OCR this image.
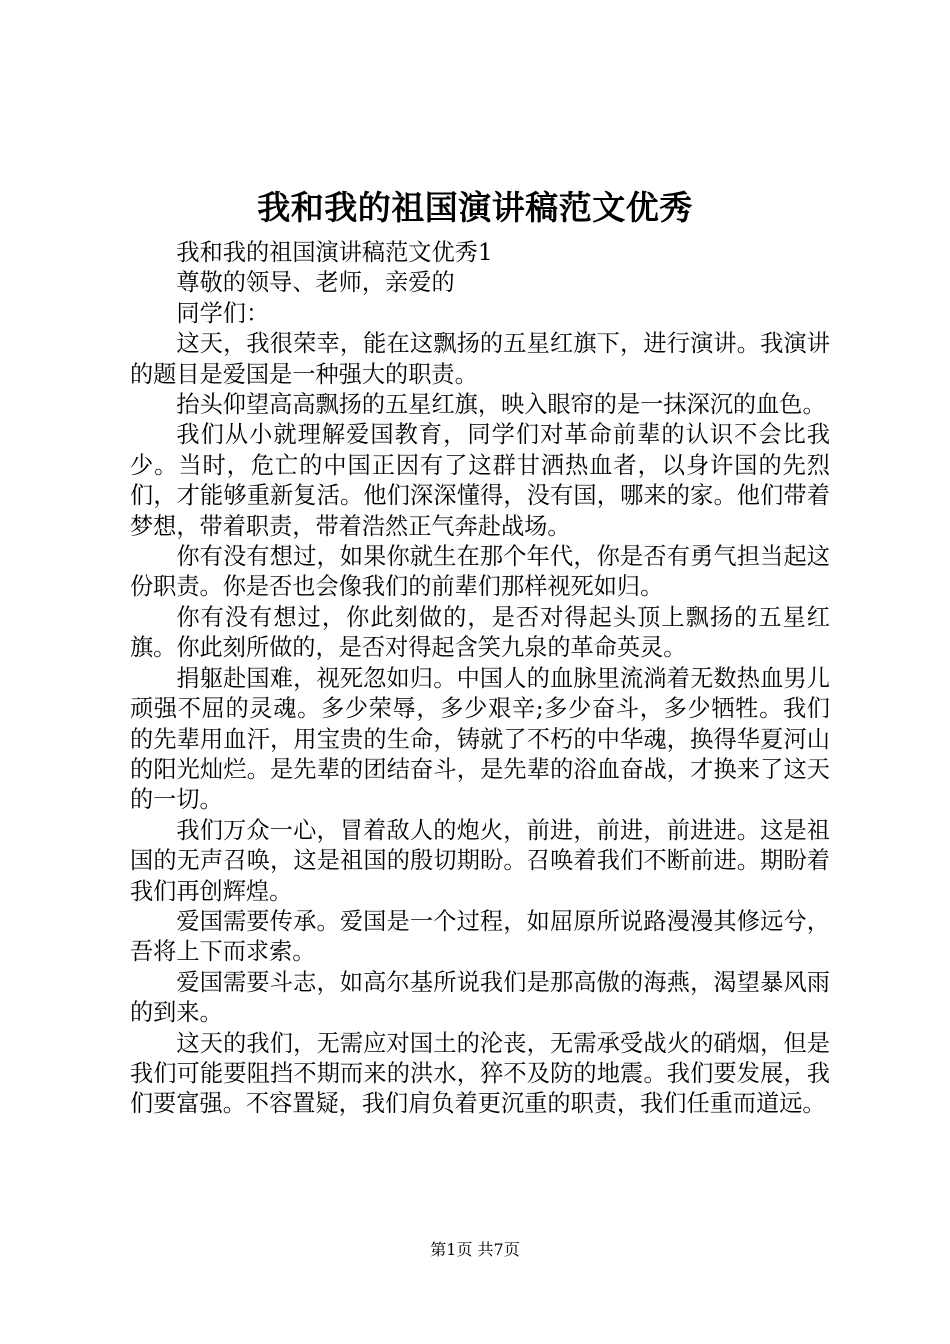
我和我的祖国演讲稿范文优秀

我和我的祖国演讲稿范文优秀1

尊敬的领导、老师，亲爱的

同学们：

这天，我很荣幸，能在这飘扬的五星红旗下，进行演讲。我演讲的题目是爱国是一种强大的职责。

抬头仰望高高飘扬的五星红旗，映入眼帘的是一抹深沉的血色。

我们从小就理解爱国教育，同学们对革命前辈的认识不会比我少。当时，危亡的中国正因有了这群甘洒热血者，以身许国的先烈们，才能够重新复活。他们深深懂得，没有国，哪来的家。他们带着梦想，带着职责，带着浩然正气奔赴战场。

你有没有想过，如果你就生在那个年代，你是否有勇气担当起这份职责。你是否也会像我们的前辈们那样视死如归。

你有没有想过，你此刻做的，是否对得起头顶上飘扬的五星红旗。你此刻所做的，是否对得起含笑九泉的革命英灵。

捐躯赴国难，视死忽如归。中国人的血脉里流淌着无数热血男儿顽强不屈的灵魂。多少荣辱，多少艰辛;多少奋斗，多少牺牲。我们的先辈用血汗，用宝贵的生命，铸就了不朽的中华魂，换得华夏河山的阳光灿烂。是先辈的团结奋斗，是先辈的浴血奋战，才换来了这天的一切。

我们万众一心，冒着敌人的炮火，前进，前进，前进进。这是祖国的无声召唤，这是祖国的殷切期盼。召唤着我们不断前进。期盼着我们再创辉煌。

爱国需要传承。爱国是一个过程，如屈原所说路漫漫其修远兮，吾将上下而求索。

爱国需要斗志，如高尔基所说我们是那高傲的海燕，渴望暴风雨的到来。

这天的我们，无需应对国土的沦丧，无需承受战火的硝烟，但是我们可能要阻挡不期而来的洪水，猝不及防的地震。我们要发展，我们要富强。不容置疑，我们肩负着更沉重的职责，我们任重而道远。

第1页 共7页
